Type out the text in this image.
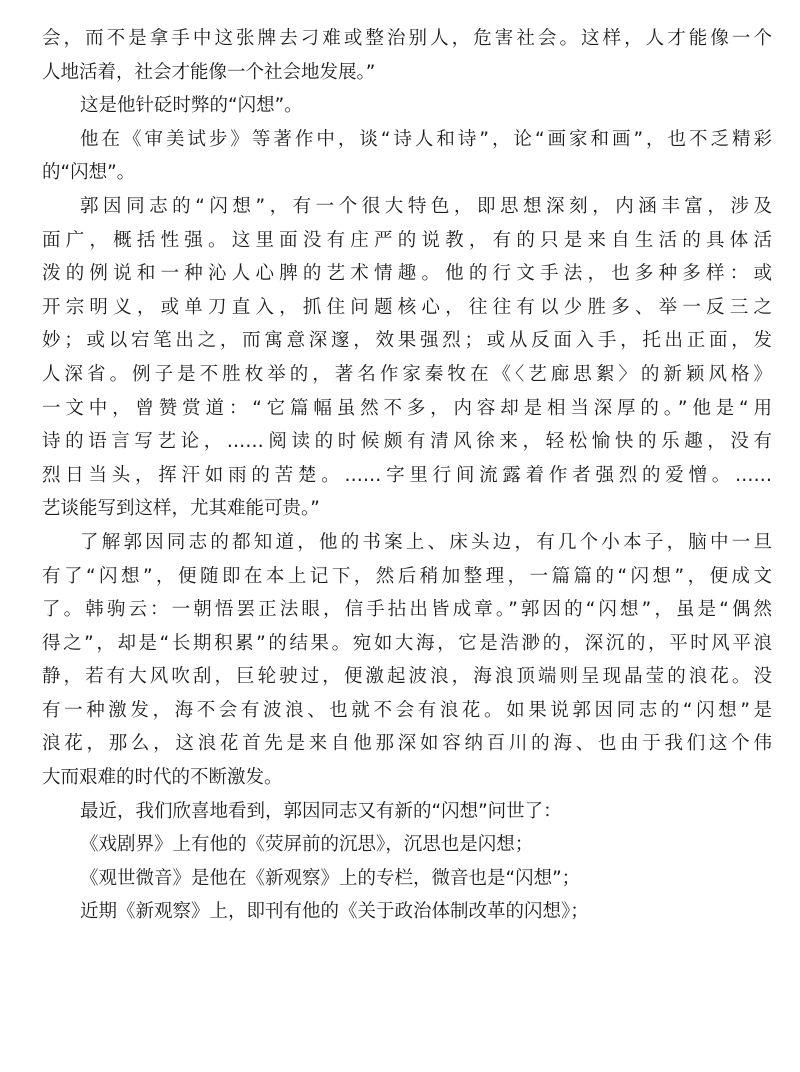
会，而不是拿手中这张牌去刁难或整治别人，危害社会。这样，人才能像一个
人地活着，社会才能像一个社会地发展。”
这是他针砭时弊的“闪想”。
他在《审美试步》等著作中，谈“诗人和诗”，论“画家和画”，也不乏精彩
的“闪想”。
郭因同志的“闪想”，有一个很大特色，即思想深刻，内涵丰富，涉及
面广，概括性强。这里面没有庄严的说教，有的只是来自生活的具体活
泼的例说和一种沁人心脾的艺术情趣。他的行文手法，也多种多样：或
开宗明义，或单刀直入，抓住问题核心，往往有以少胜多、举一反三之
妙；或以宕笔出之，而寓意深邃，效果强烈；或从反面入手，托出正面，发
人深省。例子是不胜枚举的，著名作家秦牧在《〈艺廊思絮〉的新颖风格》
一文中，曾赞赏道：“它篇幅虽然不多，内容却是相当深厚的。”他是“用
诗的语言写艺论，……阅读的时候颇有清风徐来，轻松愉快的乐趣，没有
烈日当头，挥汗如雨的苦楚。……字里行间流露着作者强烈的爱憎。……
艺谈能写到这样，尤其难能可贵。”
了解郭因同志的都知道，他的书案上、床头边，有几个小本子，脑中一旦
有了“闪想”，便随即在本上记下，然后稍加整理，一篇篇的“闪想”，便成文
了。韩驹云：一朝悟罢正法眼，信手拈出皆成章。”郭因的“闪想”，虽是“偶然
得之”，却是“长期积累”的结果。宛如大海，它是浩渺的，深沉的，平时风平浪
静，若有大风吹刮，巨轮驶过，便激起波浪，海浪顶端则呈现晶莹的浪花。没
有一种激发，海不会有波浪、也就不会有浪花。如果说郭因同志的“闪想”是
浪花，那么，这浪花首先是来自他那深如容纳百川的海、也由于我们这个伟
大而艰难的时代的不断激发。
最近，我们欣喜地看到，郭因同志又有新的“闪想”问世了：
《戏剧界》上有他的《荧屏前的沉思》，沉思也是闪想；
《观世微音》是他在《新观察》上的专栏，微音也是“闪想”；
近期《新观察》上，即刊有他的《关于政治体制改革的闪想》；
